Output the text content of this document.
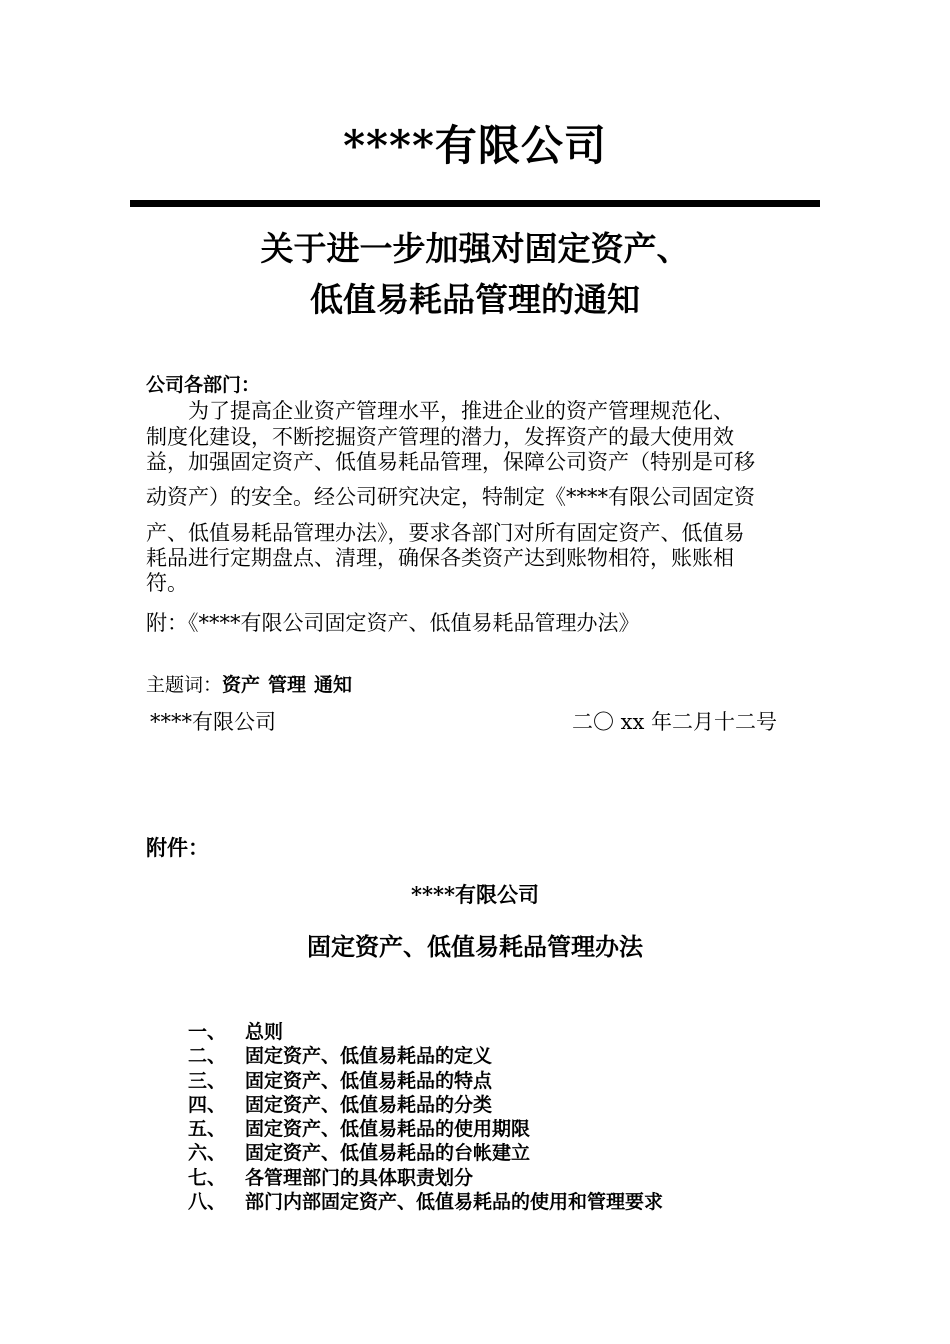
****有限公司
关于进一步加强对固定资产、
低值易耗品管理的通知
公司各部门：
　　为了提高企业资产管理水平，推进企业的资产管理规范化、
制度化建设，不断挖掘资产管理的潜力，发挥资产的最大使用效
益，加强固定资产、低值易耗品管理，保障公司资产（特别是可移
动资产）的安全。经公司研究决定，特制定《****有限公司固定资
产、低值易耗品管理办法》，要求各部门对所有固定资产、低值易
耗品进行定期盘点、清理，确保各类资产达到账物相符，账账相
符。
附：《****有限公司固定资产、低值易耗品管理办法》
主题词：资产 管理 通知
****有限公司	二〇 xx 年二月十二号
附件：
****有限公司
固定资产、低值易耗品管理办法
一、 总则
二、 固定资产、低值易耗品的定义
三、 固定资产、低值易耗品的特点
四、 固定资产、低值易耗品的分类
五、 固定资产、低值易耗品的使用期限
六、 固定资产、低值易耗品的台帐建立
七、 各管理部门的具体职责划分
八、 部门内部固定资产、低值易耗品的使用和管理要求
